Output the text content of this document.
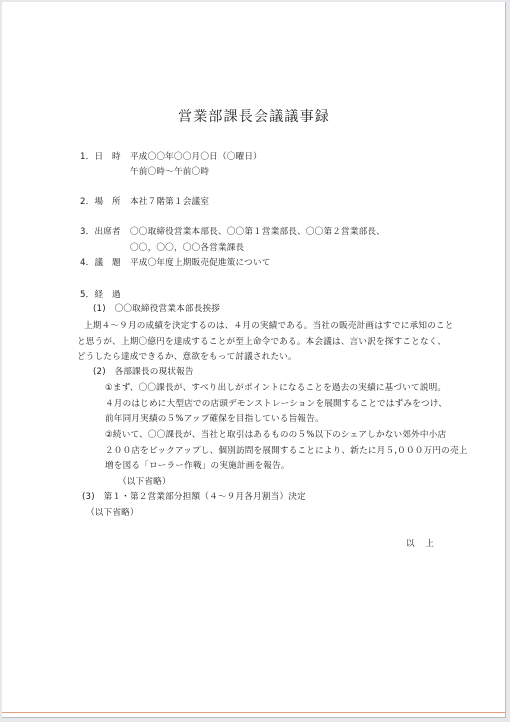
営業部課長会議議事録
1．日　時 平成〇〇年〇〇月〇日（〇曜日）
午前〇時～午前〇時
2．場　所 本社７階第１会議室
3．出席者 〇〇取締役営業本部長、〇〇第１営業部長、〇〇第２営業部長、
〇〇，〇〇，〇〇各営業課長
4．議　題 平成〇年度上期販売促進策について
5．経　過
(1)　〇〇取締役営業本部長挨拶
上期４～９月の成績を決定するのは、４月の実績である。当社の販売計画はすでに承知のこと
と思うが、上期〇億円を達成することが至上命令である。本会議は、言い訳を探すことなく、
どうしたら達成できるか、意欲をもって討議されたい。
(2)　各部課長の現状報告
①まず、〇〇課長が、すべり出しがポイントになることを過去の実績に基づいて説明。
４月のはじめに大型店での店頭デモンストレーションを展開することではずみをつけ、
前年同月実績の５%アップ確保を目指している旨報告。
②続いて、〇〇課長が、当社と取引はあるものの５%以下のシェアしかない郊外中小店
２００店をピックアップし、個別訪問を展開することにより、新たに月５,０００万円の売上
増を図る「ローラー作戦」の実施計画を報告。
（以下省略）
(3)　第１・第２営業部分担額（４～９月各月割当）決定
（以下省略）
以　上
